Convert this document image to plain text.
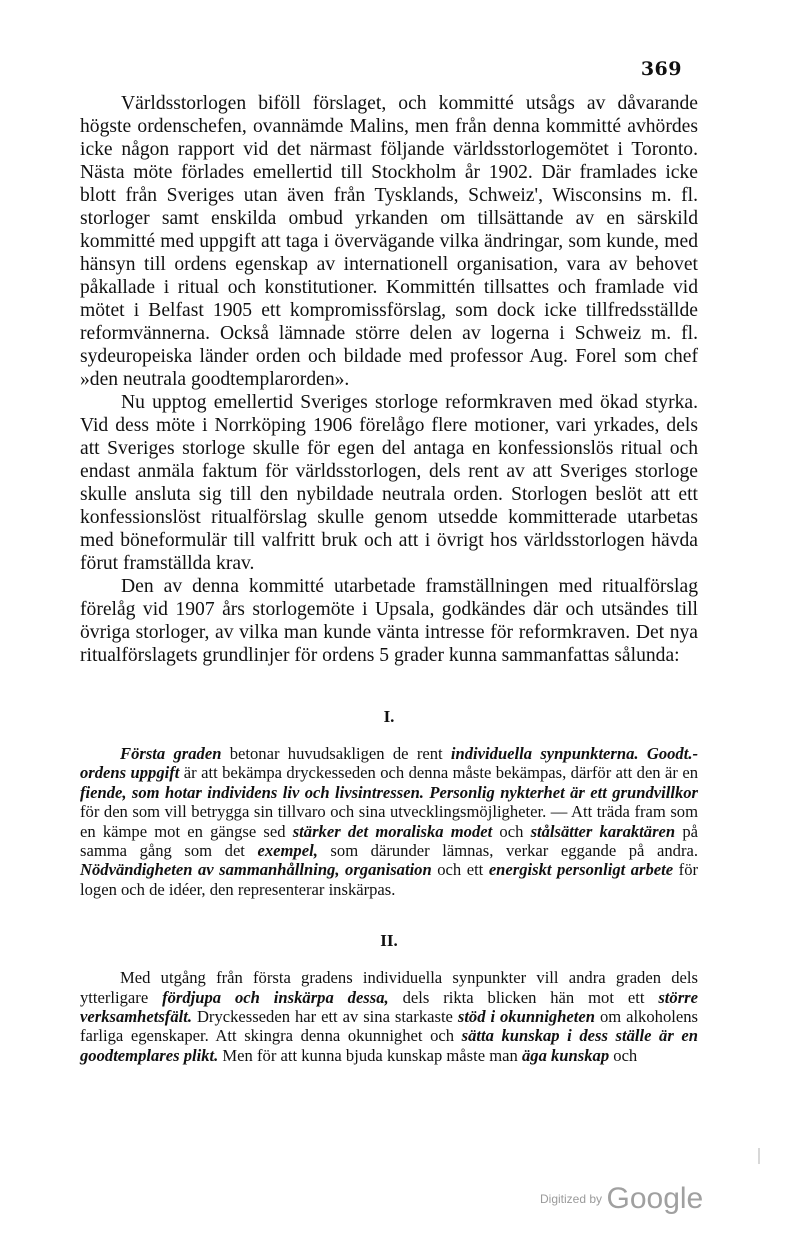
369

Världsstorlogen biföll förslaget, och kommitté utsågs av dåvarande högste ordenschefen, ovannämde Malins, men från denna kommitté avhördes icke någon rapport vid det närmast följande världsstorlogemötet i Toronto. Nästa möte förlades emellertid till Stockholm år 1902. Där framlades icke blott från Sveriges utan även från Tysklands, Schweiz', Wisconsins m. fl. storloger samt enskilda ombud yrkanden om tillsättande av en särskild kommitté med uppgift att taga i övervägande vilka ändringar, som kunde, med hänsyn till ordens egenskap av internationell organisation, vara av behovet påkallade i ritual och konstitutioner. Kommittén tillsattes och framlade vid mötet i Belfast 1905 ett kompromissförslag, som dock icke tillfredsställde reformvännerna. Också lämnade större delen av logerna i Schweiz m. fl. sydeuropeiska länder orden och bildade med professor Aug. Forel som chef »den neutrala goodtemplarorden».

Nu upptog emellertid Sveriges storloge reformkraven med ökad styrka. Vid dess möte i Norrköping 1906 förelågo flere motioner, vari yrkades, dels att Sveriges storloge skulle för egen del antaga en konfessionslös ritual och endast anmäla faktum för världsstorlogen, dels rent av att Sveriges storloge skulle ansluta sig till den nybildade neutrala orden. Storlogen beslöt att ett konfessionslöst ritualförslag skulle genom utsedde kommitterade utarbetas med böneformulär till valfritt bruk och att i övrigt hos världsstorlogen hävda förut framställda krav.

Den av denna kommitté utarbetade framställningen med ritualförslag förelåg vid 1907 års storlogemöte i Upsala, godkändes där och utsändes till övriga storloger, av vilka man kunde vänta intresse för reformkraven. Det nya ritualförslagets grundlinjer för ordens 5 grader kunna sammanfattas sålunda:

I.

Första graden betonar huvudsakligen de rent individuella synpunkterna. Goodt.-ordens uppgift är att bekämpa dryckesseden och denna måste bekämpas, därför att den är en fiende, som hotar individens liv och livsintressen. Personlig nykterhet är ett grundvillkor för den som vill betrygga sin tillvaro och sina utvecklingsmöjligheter. — Att träda fram som en kämpe mot en gängse sed stärker det moraliska modet och stålsätter karaktären på samma gång som det exempel, som därunder lämnas, verkar eggande på andra. Nödvändigheten av sammanhållning, organisation och ett energiskt personligt arbete för logen och de idéer, den representerar inskärpas.

II.

Med utgång från första gradens individuella synpunkter vill andra graden dels ytterligare fördjupa och inskärpa dessa, dels rikta blicken hän mot ett större verksamhetsfält. Dryckesseden har ett av sina starkaste stöd i okunnigheten om alkoholens farliga egenskaper. Att skingra denna okunnighet och sätta kunskap i dess ställe är en goodtemplares plikt. Men för att kunna bjuda kunskap måste man äga kunskap och

Digitized by Google
